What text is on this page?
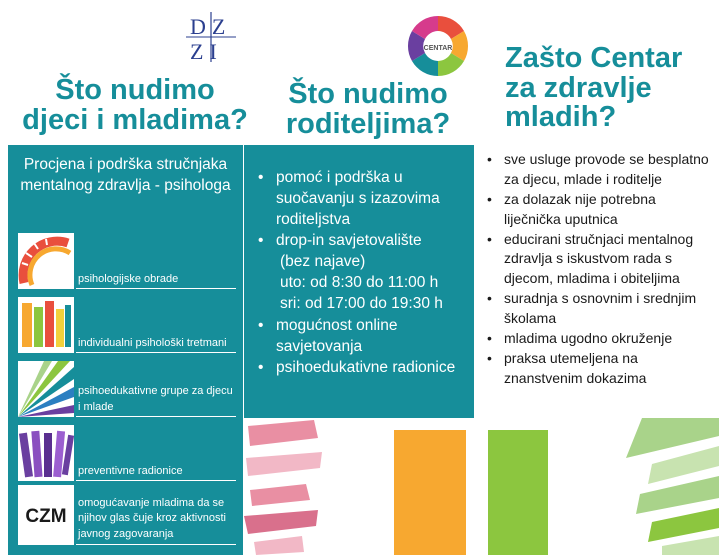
DZ
ZI	CENTAR
Što nudimo djeci i mladima?
Što nudimo roditeljima?
Zašto Centar za zdravlje mladih?
Procjena i podrška stručnjaka mentalnog zdravlja - psihologa
psihologijske obrade
individualni psihološki tretmani
psihoedukativne grupe za djecu i mlade
preventivne radionice
CZM
omogućavanje mladima da se njihov glas čuje kroz aktivnosti javnog zagovaranja
• pomoć i podrška u suočavanju s izazovima roditeljstva
• drop-in savjetovalište
(bez najave)
uto: od 8:30 do 11:00 h
sri: od 17:00 do 19:30 h
• mogućnost online savjetovanja
• psihoedukativne radionice
• sve usluge provode se besplatno za djecu, mlade i roditelje
• za dolazak nije potrebna liječnička uputnica
• educirani stručnjaci mentalnog zdravlja s iskustvom rada s djecom, mladima i obiteljima
• suradnja s osnovnim i srednjim školama
• mladima ugodno okruženje
• praksa utemeljena na znanstvenim dokazima
